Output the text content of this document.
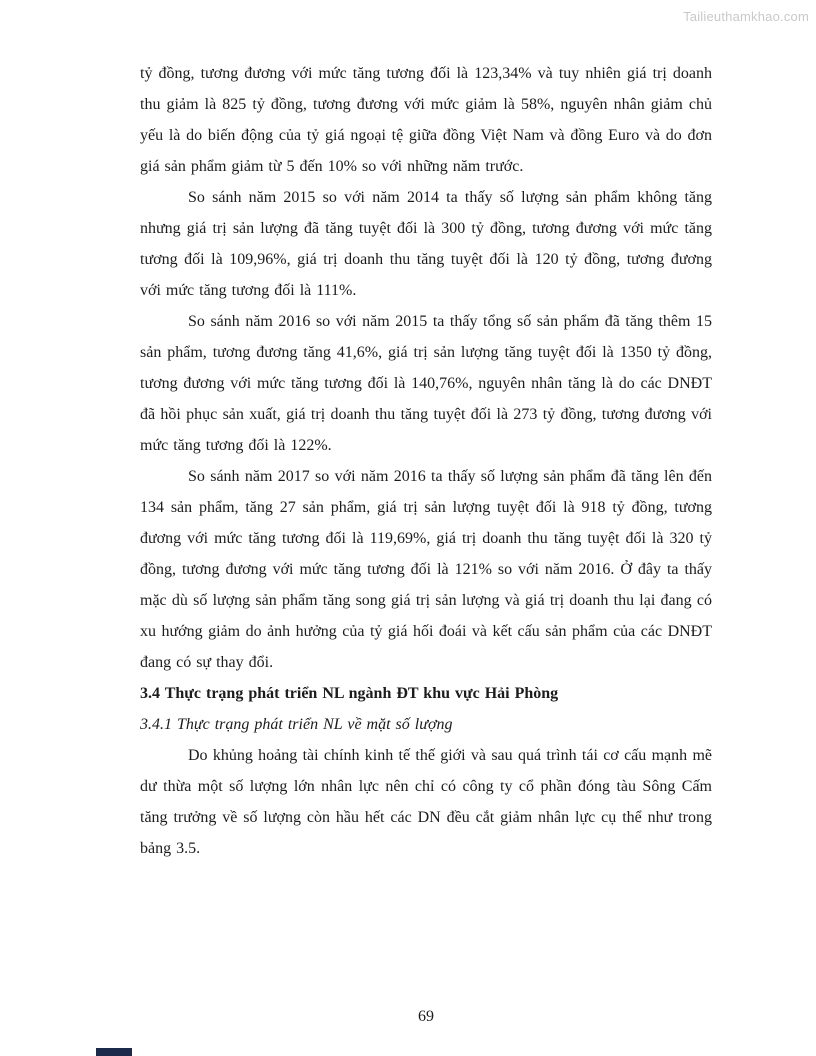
Tailieuthamkhao.com

tỷ đồng, tương đương với mức tăng tương đối là 123,34% và tuy nhiên giá trị doanh thu giảm là 825 tỷ đồng, tương đương với mức giảm là 58%, nguyên nhân giảm chủ yếu là do biến động của tỷ giá ngoại tệ giữa đồng Việt Nam và đồng Euro và do đơn giá sản phẩm giảm từ 5 đến 10% so với những năm trước.

So sánh năm 2015 so với năm 2014 ta thấy số lượng sản phẩm không tăng nhưng giá trị sản lượng đã tăng tuyệt đối là 300 tỷ đồng, tương đương với mức tăng tương đối là 109,96%, giá trị doanh thu tăng tuyệt đối là 120 tỷ đồng, tương đương với mức tăng tương đối là 111%.

So sánh năm 2016 so với năm 2015 ta thấy tổng số sản phẩm đã tăng thêm 15 sản phẩm, tương đương tăng 41,6%, giá trị sản lượng tăng tuyệt đối là 1350 tỷ đồng, tương đương với mức tăng tương đối là 140,76%, nguyên nhân tăng là do các DNĐT đã hồi phục sản xuất, giá trị doanh thu tăng tuyệt đối là 273 tỷ đồng, tương đương với mức tăng tương đối là 122%.

So sánh năm 2017 so với năm 2016 ta thấy số lượng sản phẩm đã tăng lên đến 134 sản phẩm, tăng 27 sản phẩm, giá trị sản lượng tuyệt đối là 918 tỷ đồng, tương đương với mức tăng tương đối là 119,69%, giá trị doanh thu tăng tuyệt đối là 320 tỷ đồng, tương đương với mức tăng tương đối là 121% so với năm 2016. Ở đây ta thấy mặc dù số lượng sản phẩm tăng song giá trị sản lượng và giá trị doanh thu lại đang có xu hướng giảm do ảnh hưởng của tỷ giá hối đoái và kết cấu sản phẩm của các DNĐT đang có sự thay đổi.

3.4 Thực trạng phát triển NL ngành ĐT khu vực Hải Phòng

3.4.1 Thực trạng phát triển NL về mặt số lượng

Do khủng hoảng tài chính kinh tế thế giới và sau quá trình tái cơ cấu mạnh mẽ dư thừa một số lượng lớn nhân lực nên chỉ có công ty cổ phần đóng tàu Sông Cấm tăng trưởng về số lượng còn hầu hết các DN đều cắt giảm nhân lực cụ thể như trong bảng 3.5.

69
